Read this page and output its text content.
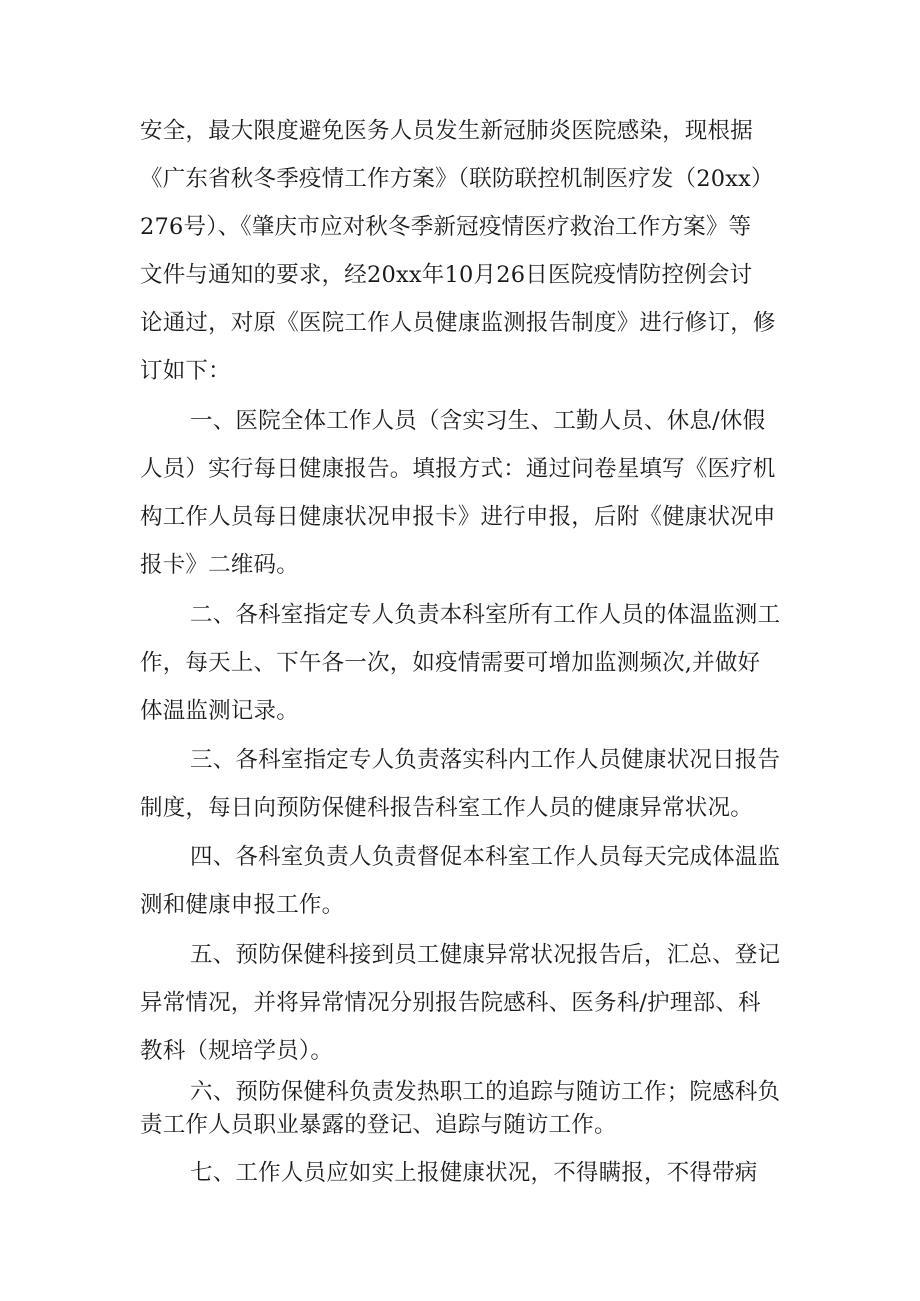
安全，最大限度避免医务人员发生新冠肺炎医院感染，现根据
《广东省秋冬季疫情工作方案》（联防联控机制医疗发（20xx）
276号）、《肇庆市应对秋冬季新冠疫情医疗救治工作方案》等
文件与通知的要求，经20xx年10月26日医院疫情防控例会讨
论通过，对原《医院工作人员健康监测报告制度》进行修订，修
订如下：
一、医院全体工作人员（含实习生、工勤人员、休息/休假
人员）实行每日健康报告。填报方式：通过问卷星填写《医疗机
构工作人员每日健康状况申报卡》进行申报，后附《健康状况申
报卡》二维码。
二、各科室指定专人负责本科室所有工作人员的体温监测工
作，每天上、下午各一次，如疫情需要可增加监测频次,并做好
体温监测记录。
三、各科室指定专人负责落实科内工作人员健康状况日报告
制度，每日向预防保健科报告科室工作人员的健康异常状况。
四、各科室负责人负责督促本科室工作人员每天完成体温监
测和健康申报工作。
五、预防保健科接到员工健康异常状况报告后，汇总、登记
异常情况，并将异常情况分别报告院感科、医务科/护理部、科
教科（规培学员）。
六、预防保健科负责发热职工的追踪与随访工作；院感科负
责工作人员职业暴露的登记、追踪与随访工作。
七、工作人员应如实上报健康状况，不得瞒报，不得带病
